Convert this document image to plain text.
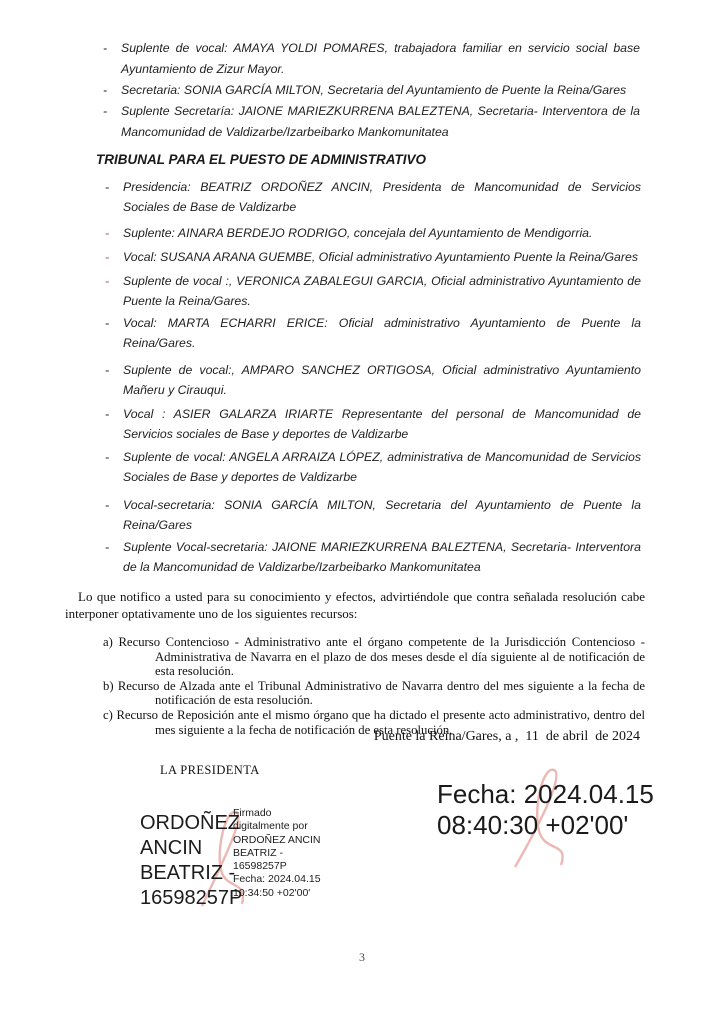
- Suplente de vocal: AMAYA YOLDI POMARES, trabajadora familiar en servicio social base Ayuntamiento de Zizur Mayor.
- Secretaria: SONIA GARCÍA MILTON, Secretaria del Ayuntamiento de Puente la Reina/Gares
- Suplente Secretaría: JAIONE MARIEZKURRENA BALEZTENA, Secretaria- Interventora de la Mancomunidad de Valdizarbe/Izarbeibarko Mankomunitatea
TRIBUNAL PARA EL PUESTO DE ADMINISTRATIVO
- Presidencia: BEATRIZ ORDOÑEZ ANCIN, Presidenta de Mancomunidad de Servicios Sociales de Base de Valdizarbe
- Suplente: AINARA BERDEJO RODRIGO, concejala del Ayuntamiento de Mendigorria.
- Vocal: SUSANA ARANA GUEMBE, Oficial administrativo Ayuntamiento Puente la Reina/Gares
- Suplente de vocal :, VERONICA ZABALEGUI GARCIA, Oficial administrativo Ayuntamiento de Puente la Reina/Gares.
- Vocal: MARTA ECHARRI ERICE: Oficial administrativo Ayuntamiento de Puente la Reina/Gares.
- Suplente de vocal:, AMPARO SANCHEZ ORTIGOSA, Oficial administrativo Ayuntamiento Mañeru y Cirauqui.
- Vocal : ASIER GALARZA IRIARTE Representante del personal de Mancomunidad de Servicios sociales de Base y deportes de Valdizarbe
- Suplente de vocal: ANGELA ARRAIZA LÓPEZ, administrativa de Mancomunidad de Servicios Sociales de Base y deportes de Valdizarbe
- Vocal-secretaria: SONIA GARCÍA MILTON, Secretaria del Ayuntamiento de Puente la Reina/Gares
- Suplente Vocal-secretaria: JAIONE MARIEZKURRENA BALEZTENA, Secretaria- Interventora de la Mancomunidad de Valdizarbe/Izarbeibarko Mankomunitatea

Lo que notifico a usted para su conocimiento y efectos, advirtiéndole que contra señalada resolución cabe interponer optativamente uno de los siguientes recursos:

a) Recurso Contencioso - Administrativo ante el órgano competente de la Jurisdicción Contencioso - Administrativa de Navarra en el plazo de dos meses desde el día siguiente al de notificación de esta resolución.

b) Recurso de Alzada ante el Tribunal Administrativo de Navarra dentro del mes siguiente a la fecha de notificación de esta resolución.

c) Recurso de Reposición ante el mismo órgano que ha dictado el presente acto administrativo, dentro del mes siguiente a la fecha de notificación de esta resolución.

Puente la Reina/Gares, a ,  11  de abril  de 2024
LA PRESIDENTA
ORDOÑEZ
ANCIN
BEATRIZ -
16598257P
Firmado
digitalmente por
ORDOÑEZ ANCIN
BEATRIZ -
16598257P
Fecha: 2024.04.15
10:34:50 +02'00'
Fecha: 2024.04.15
08:40:30 +02'00'
3
